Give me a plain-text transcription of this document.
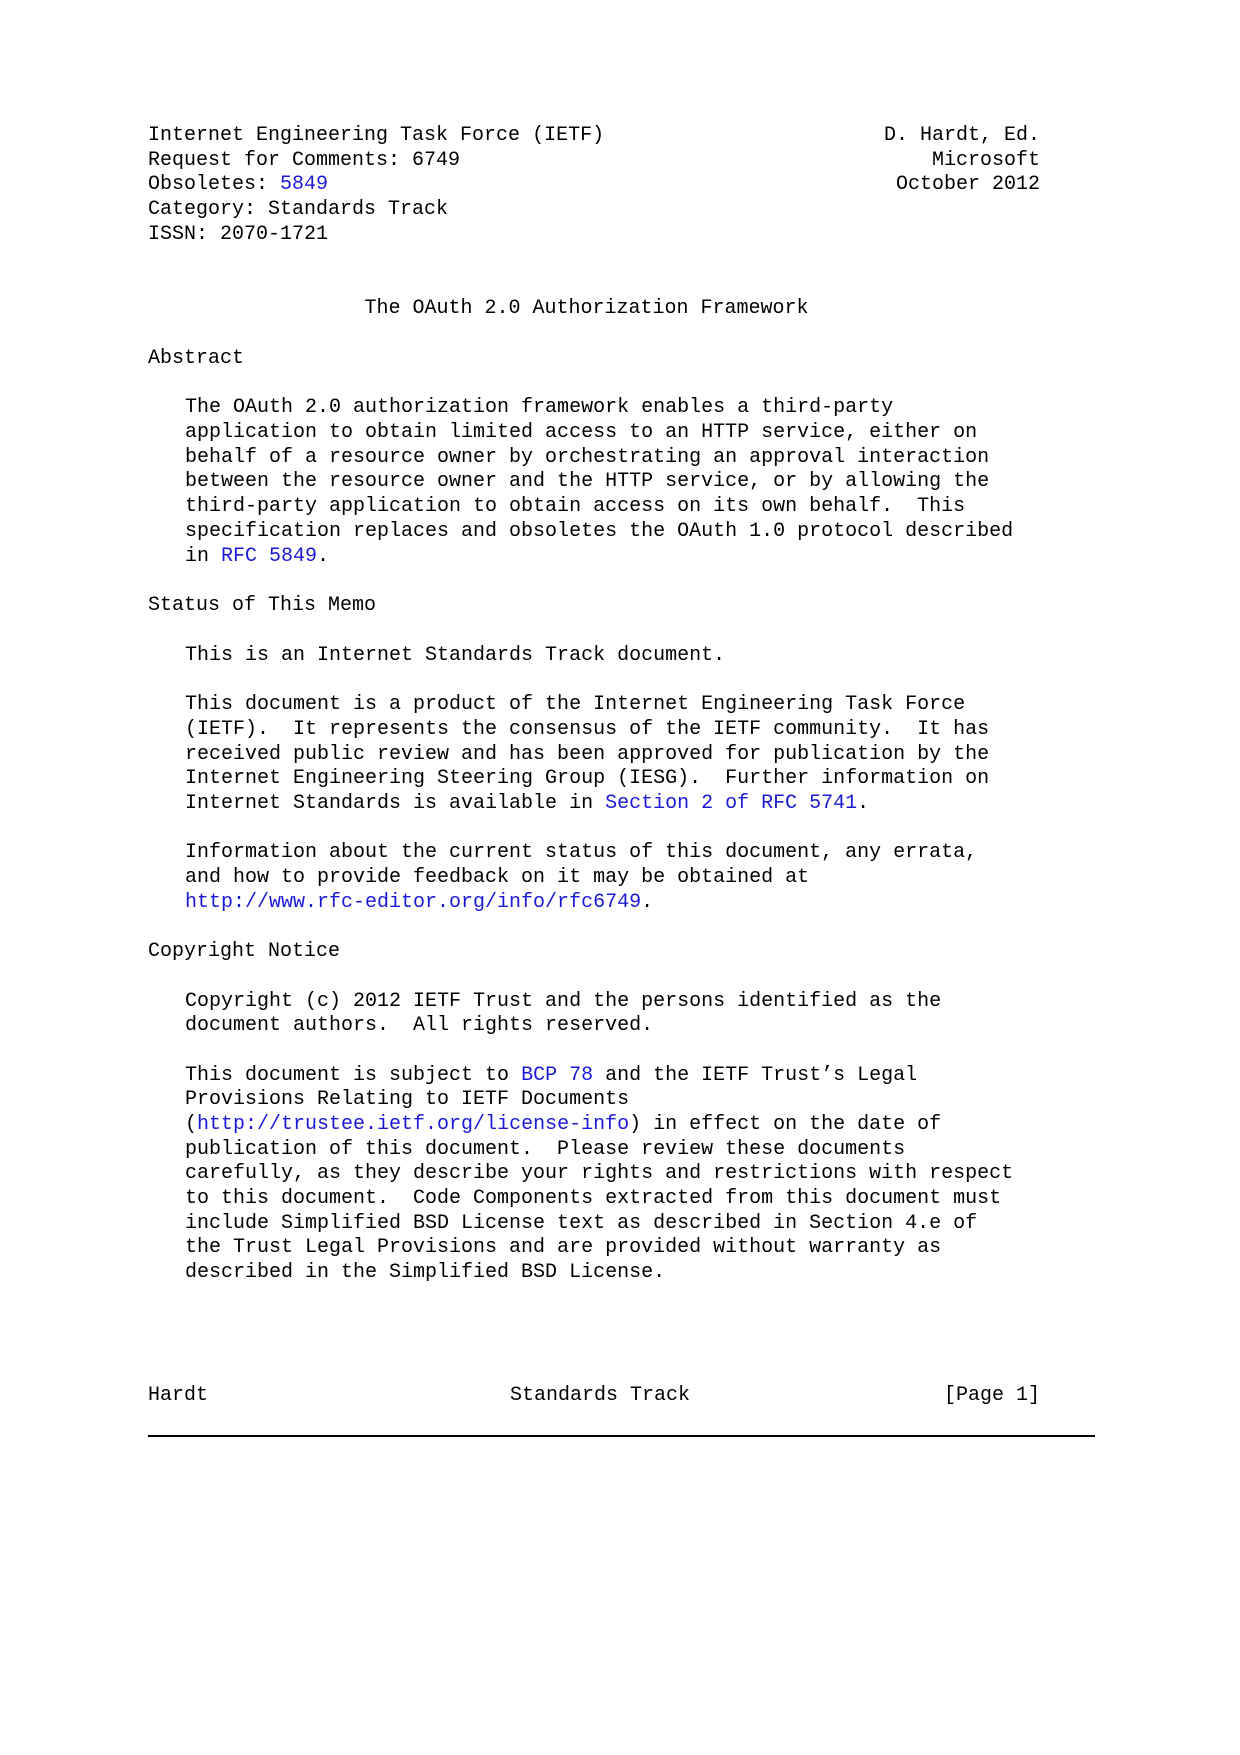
Internet Engineering Task Force (IETF)
Request for Comments: 6749
Obsoletes: 5849
Category: Standards Track
ISSN: 2070-1721
D. Hardt, Ed.
Microsoft
October 2012
The OAuth 2.0 Authorization Framework
Abstract
The OAuth 2.0 authorization framework enables a third-party
application to obtain limited access to an HTTP service, either on
behalf of a resource owner by orchestrating an approval interaction
between the resource owner and the HTTP service, or by allowing the
third-party application to obtain access on its own behalf.  This
specification replaces and obsoletes the OAuth 1.0 protocol described
in RFC 5849.
Status of This Memo
This is an Internet Standards Track document.
This document is a product of the Internet Engineering Task Force
(IETF).  It represents the consensus of the IETF community.  It has
received public review and has been approved for publication by the
Internet Engineering Steering Group (IESG).  Further information on
Internet Standards is available in Section 2 of RFC 5741.
Information about the current status of this document, any errata,
and how to provide feedback on it may be obtained at
http://www.rfc-editor.org/info/rfc6749.
Copyright Notice
Copyright (c) 2012 IETF Trust and the persons identified as the
document authors.  All rights reserved.
This document is subject to BCP 78 and the IETF Trust’s Legal
Provisions Relating to IETF Documents
(http://trustee.ietf.org/license-info) in effect on the date of
publication of this document.  Please review these documents
carefully, as they describe your rights and restrictions with respect
to this document.  Code Components extracted from this document must
include Simplified BSD License text as described in Section 4.e of
the Trust Legal Provisions and are provided without warranty as
described in the Simplified BSD License.
Hardt	Standards Track	[Page 1]
